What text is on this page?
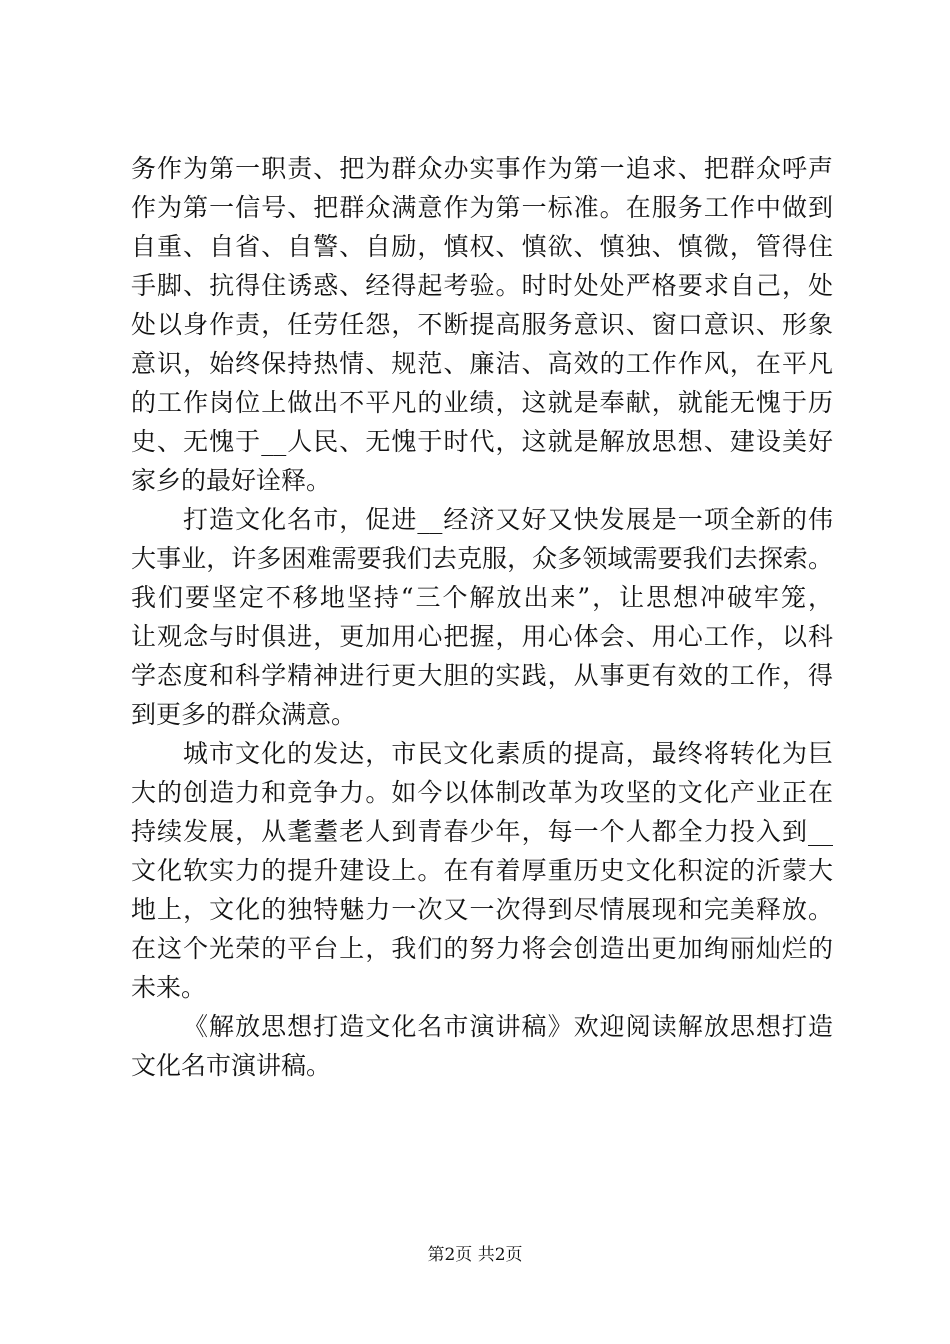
务作为第一职责、把为群众办实事作为第一追求、把群众呼声
作为第一信号、把群众满意作为第一标准。在服务工作中做到
自重、自省、自警、自励，慎权、慎欲、慎独、慎微，管得住
手脚、抗得住诱惑、经得起考验。时时处处严格要求自己，处
处以身作责，任劳任怨，不断提高服务意识、窗口意识、形象
意识，始终保持热情、规范、廉洁、高效的工作作风，在平凡
的工作岗位上做出不平凡的业绩，这就是奉献，就能无愧于历
史、无愧于__人民、无愧于时代，这就是解放思想、建设美好
家乡的最好诠释。
打造文化名市，促进__经济又好又快发展是一项全新的伟
大事业，许多困难需要我们去克服，众多领域需要我们去探索。
我们要坚定不移地坚持“三个解放出来”，让思想冲破牢笼，
让观念与时俱进，更加用心把握，用心体会、用心工作，以科
学态度和科学精神进行更大胆的实践，从事更有效的工作，得
到更多的群众满意。
城市文化的发达，市民文化素质的提高，最终将转化为巨
大的创造力和竞争力。如今以体制改革为攻坚的文化产业正在
持续发展，从耄耋老人到青春少年，每一个人都全力投入到__
文化软实力的提升建设上。在有着厚重历史文化积淀的沂蒙大
地上，文化的独特魅力一次又一次得到尽情展现和完美释放。
在这个光荣的平台上，我们的努力将会创造出更加绚丽灿烂的
未来。
《解放思想打造文化名市演讲稿》欢迎阅读解放思想打造
文化名市演讲稿。
第2页 共2页
